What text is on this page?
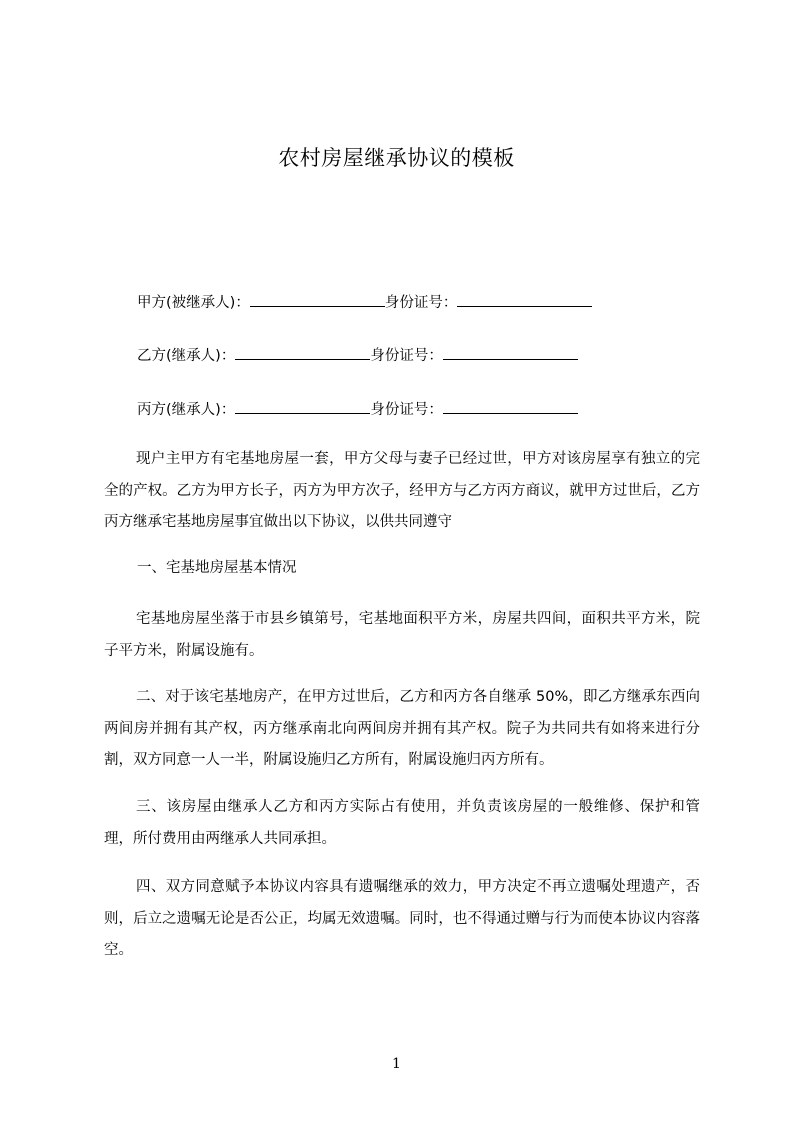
农村房屋继承协议的模板
甲方(被继承人)：	身份证号：
乙方(继承人)：	身份证号：
丙方(继承人)：	身份证号：
现户主甲方有宅基地房屋一套，甲方父母与妻子已经过世，甲方对该房屋享有独立的完全的产权。乙方为甲方长子，丙方为甲方次子，经甲方与乙方丙方商议，就甲方过世后，乙方丙方继承宅基地房屋事宜做出以下协议，以供共同遵守
一、宅基地房屋基本情况
宅基地房屋坐落于市县乡镇第号，宅基地面积平方米，房屋共四间，面积共平方米，院子平方米，附属设施有。
二、对于该宅基地房产，在甲方过世后，乙方和丙方各自继承 50%，即乙方继承东西向两间房并拥有其产权，丙方继承南北向两间房并拥有其产权。院子为共同共有如将来进行分割，双方同意一人一半，附属设施归乙方所有，附属设施归丙方所有。
三、该房屋由继承人乙方和丙方实际占有使用，并负责该房屋的一般维修、保护和管理，所付费用由两继承人共同承担。
四、双方同意赋予本协议内容具有遗嘱继承的效力，甲方决定不再立遗嘱处理遗产，否则，后立之遗嘱无论是否公正，均属无效遗嘱。同时，也不得通过赠与行为而使本协议内容落空。
1
